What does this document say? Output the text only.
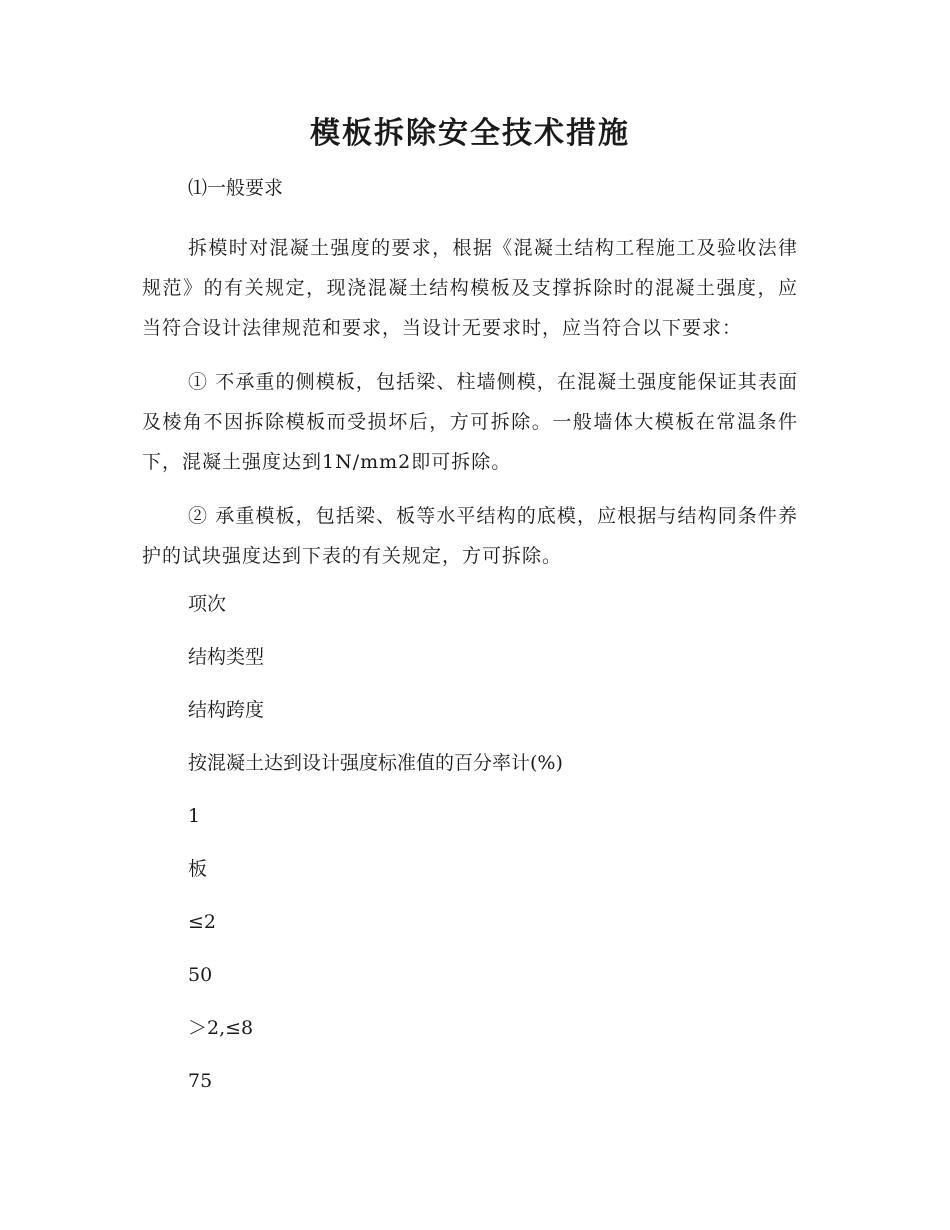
模板拆除安全技术措施

⑴一般要求

拆模时对混凝土强度的要求，根据《混凝土结构工程施工及验收法律规范》的有关规定，现浇混凝土结构模板及支撑拆除时的混凝土强度，应当符合设计法律规范和要求，当设计无要求时，应当符合以下要求：

① 不承重的侧模板，包括梁、柱墙侧模，在混凝土强度能保证其表面及棱角不因拆除模板而受损坏后，方可拆除。一般墙体大模板在常温条件下，混凝土强度达到1N/mm2即可拆除。

② 承重模板，包括梁、板等水平结构的底模，应根据与结构同条件养护的试块强度达到下表的有关规定，方可拆除。

项次
结构类型
结构跨度
按混凝土达到设计强度标准值的百分率计(%)
1
板
≤2
50
＞2,≤8
75
